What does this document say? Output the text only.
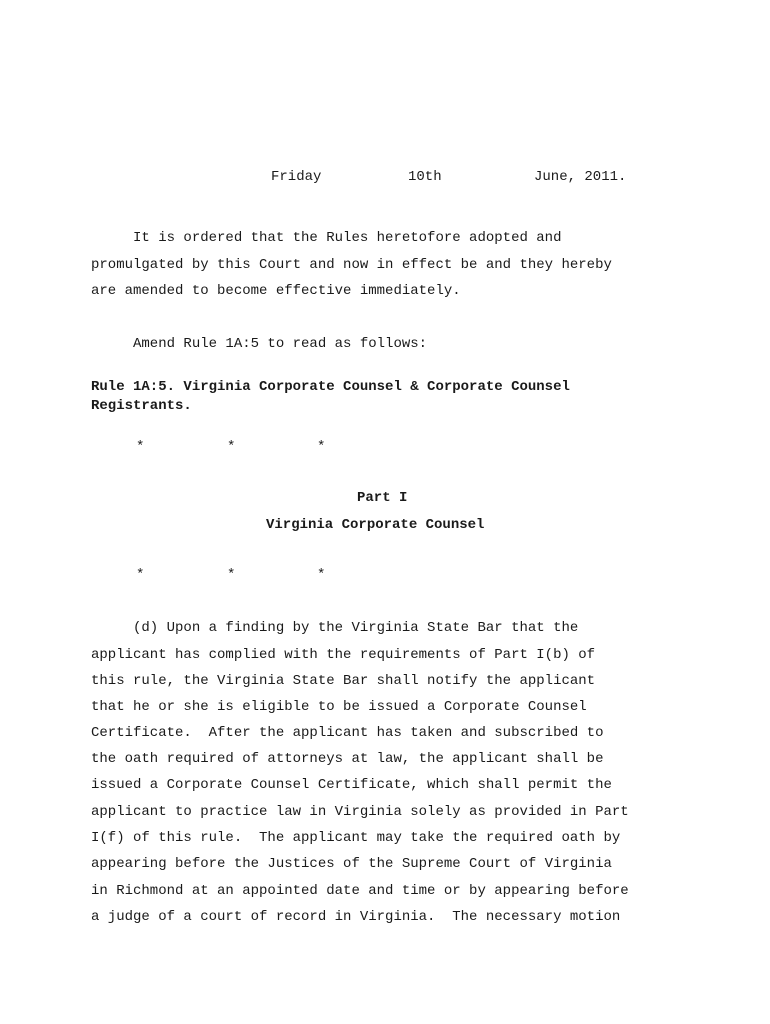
Friday	10th	June, 2011.
It is ordered that the Rules heretofore adopted and
promulgated by this Court and now in effect be and they hereby
are amended to become effective immediately.
Amend Rule 1A:5 to read as follows:
Rule 1A:5. Virginia Corporate Counsel & Corporate Counsel
Registrants.
*	*	*
Part I
Virginia Corporate Counsel
*	*	*
(d) Upon a finding by the Virginia State Bar that the
applicant has complied with the requirements of Part I(b) of
this rule, the Virginia State Bar shall notify the applicant
that he or she is eligible to be issued a Corporate Counsel
Certificate.  After the applicant has taken and subscribed to
the oath required of attorneys at law, the applicant shall be
issued a Corporate Counsel Certificate, which shall permit the
applicant to practice law in Virginia solely as provided in Part
I(f) of this rule.  The applicant may take the required oath by
appearing before the Justices of the Supreme Court of Virginia
in Richmond at an appointed date and time or by appearing before
a judge of a court of record in Virginia.  The necessary motion
